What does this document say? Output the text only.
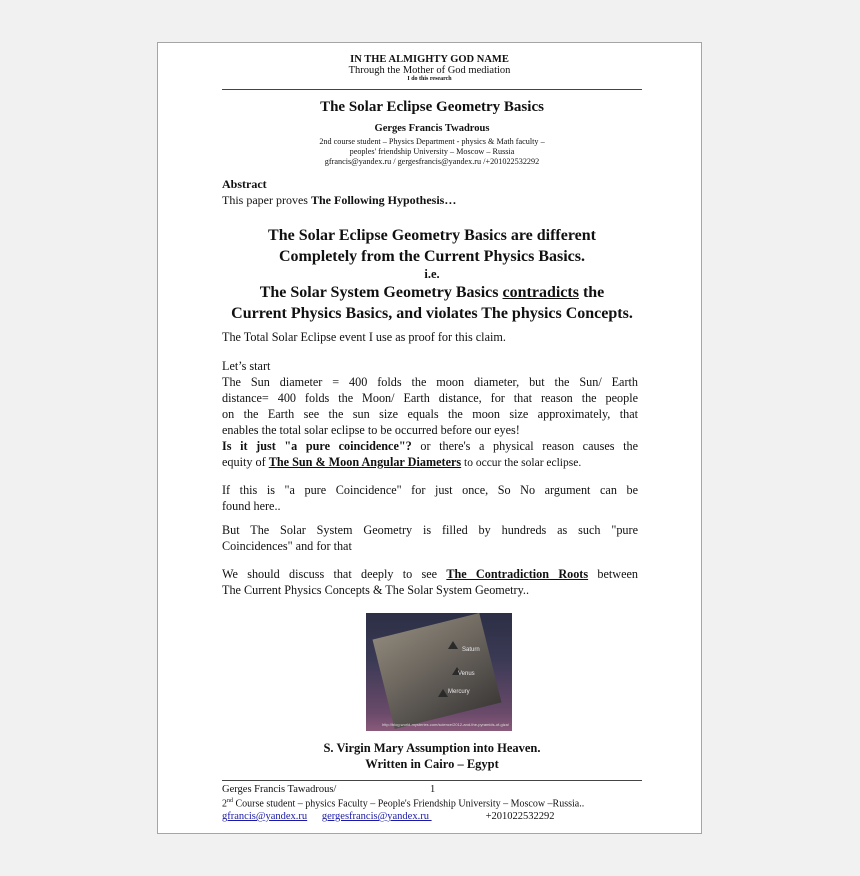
IN THE ALMIGHTY GOD NAME
Through the Mother of God mediation
I do this research
The Solar Eclipse Geometry Basics
Gerges Francis Twadrous
2nd course student – Physics Department - physics & Math faculty –
peoples' friendship University – Moscow – Russia
gfrancis@yandex.ru / gergesfrancis@yandex.ru /+201022532292
Abstract
This paper proves The Following Hypothesis…
The Solar Eclipse Geometry Basics are different
Completely from the Current Physics Basics.
i.e.
The Solar System Geometry Basics contradicts the
Current Physics Basics, and violates The physics Concepts.
The Total Solar Eclipse event I use as proof for this claim.
Let’s start
The Sun diameter = 400 folds the moon diameter, but the Sun/ Earth
distance= 400 folds the Moon/ Earth distance, for that reason the people
on the Earth see the sun size equals the moon size approximately, that
enables the total solar eclipse to be occurred before our eyes!
Is it just "a pure coincidence"? or there's a physical reason causes the
equity of The Sun & Moon Angular Diameters to occur the solar eclipse.
If this is "a pure Coincidence" for just once, So No argument can be
found here..
But The Solar System Geometry is filled by hundreds as such "pure
Coincidences" and for that
We should discuss that deeply to see The Contradiction Roots between
The Current Physics Concepts & The Solar System Geometry..
Saturn
Venus
Mercury
http://blog.world-mysteries.com/science/2012-and-the-pyramids-of-giza/
S. Virgin Mary Assumption into Heaven.
Written in Cairo – Egypt
Gerges Francis Tawadrous/	1
2nd Course student – physics Faculty – People's Friendship University – Moscow –Russia..
gfrancis@yandex.ru gergesfrancis@yandex.ru	+201022532292
